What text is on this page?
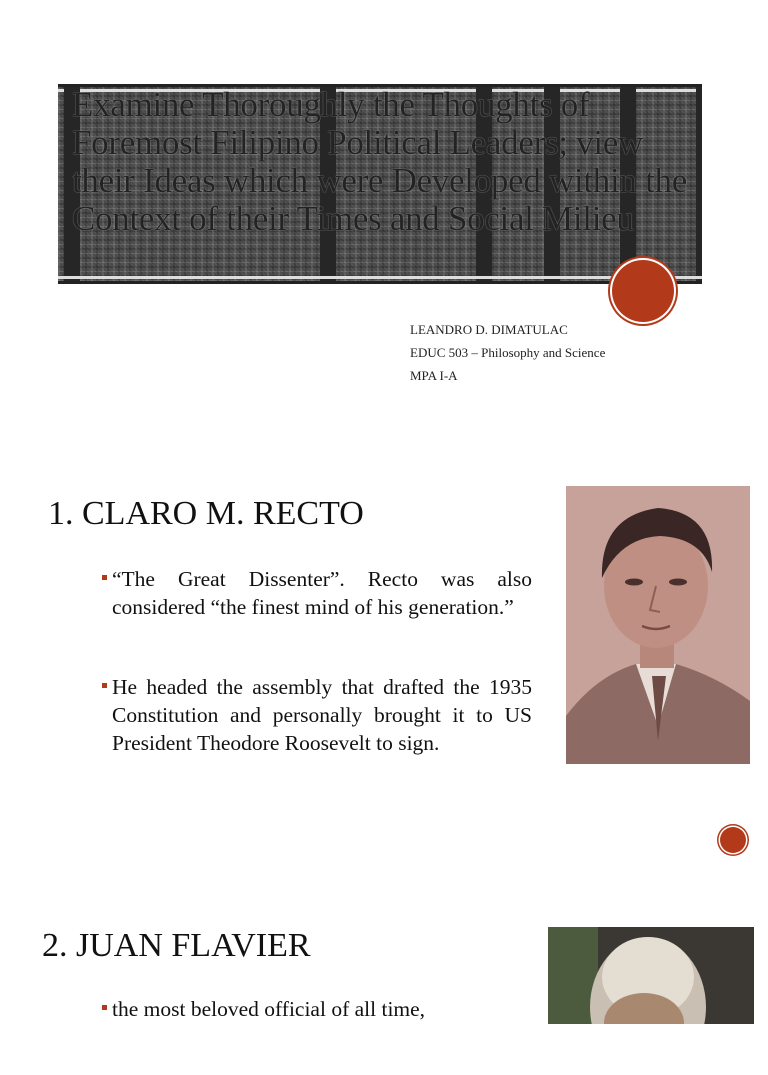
Examine Thoroughly the Thoughts of Foremost Filipino Political Leaders; view their Ideas which were Developed within the Context of their Times and Social Milieu
LEANDRO D. DIMATULAC
EDUC 503 – Philosophy and Science
MPA I-A
1. CLARO M. RECTO
“The Great Dissenter”. Recto was also considered “the finest mind of his generation.”
He headed the assembly that drafted the 1935 Constitution and personally brought it to US President Theodore Roosevelt to sign.
2. JUAN FLAVIER
the most beloved official of all time,
